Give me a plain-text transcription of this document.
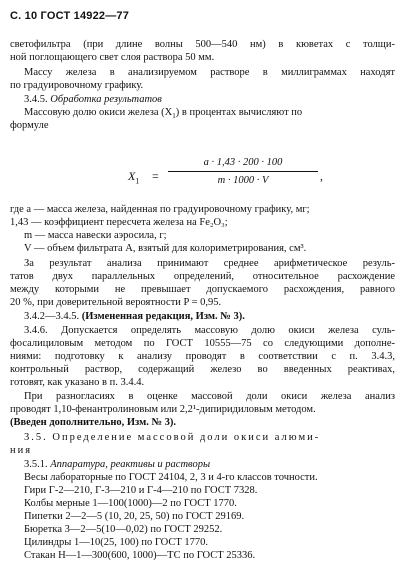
С. 10 ГОСТ 14922—77
светофильтра (при длине волны 500—540 нм) в кюветах с толщи-
ной поглощающего свет слоя раствора 50 мм.
Массу железа в анализируемом растворе в миллиграммах находят
по градуировочному графику.
3.4.5. Обработка результатов
Массовую долю окиси железа $(X_1)$ в процентах вычисляют по
формуле
$X_1$ =
a · 1,43 · 200 · 100
m · 1000 · V	,
где a — масса железа, найденная по градуировочному графику, мг;
1,43 — коэффициент пересчета железа на Fe₂O₃;
m — масса навески аэросила, г;
V — объем фильтрата А, взятый для колориметрирования, см³.
За результат анализа принимают среднее арифметическое резуль-
татов двух параллельных определений, относительное расхождение
между которыми не превышает допускаемого расхождения, равного
20 %, при доверительной вероятности P = 0,95.
3.4.2—3.4.5. (Измененная редакция, Изм. № 3).
3.4.6. Допускается определять массовую долю окиси железа суль-
фосалициловым методом по ГОСТ 10555—75 со следующими дополне-
ниями: подготовку к анализу проводят в соответствии с п. 3.4.3,
контрольный раствор, содержащий железо во введенных реактивах,
готовят, как указано в п. 3.4.4.
При разногласиях в оценке массовой доли окиси железа анализ
проводят 1,10-фенантролиновым или 2,2¹-дипиридиловым методом.
(Введен дополнительно, Изм. № 3).
3.5. Определение массовой доли окиси алюми-
ния
3.5.1. Аппаратура, реактивы и растворы
Весы лабораторные по ГОСТ 24104, 2, 3 и 4-го классов точности.
Гири Г-2—210, Г-3—210 и Г-4—210 по ГОСТ 7328.
Колбы мерные 1—100(1000)—2 по ГОСТ 1770.
Пипетки 2—2—5 (10, 20, 25, 50) по ГОСТ 29169.
Бюретка 3—2—5(10—0,02) по ГОСТ 29252.
Цилиндры 1—10(25, 100) по ГОСТ 1770.
Стакан Н—1—300(600, 1000)—ТС по ГОСТ 25336.
